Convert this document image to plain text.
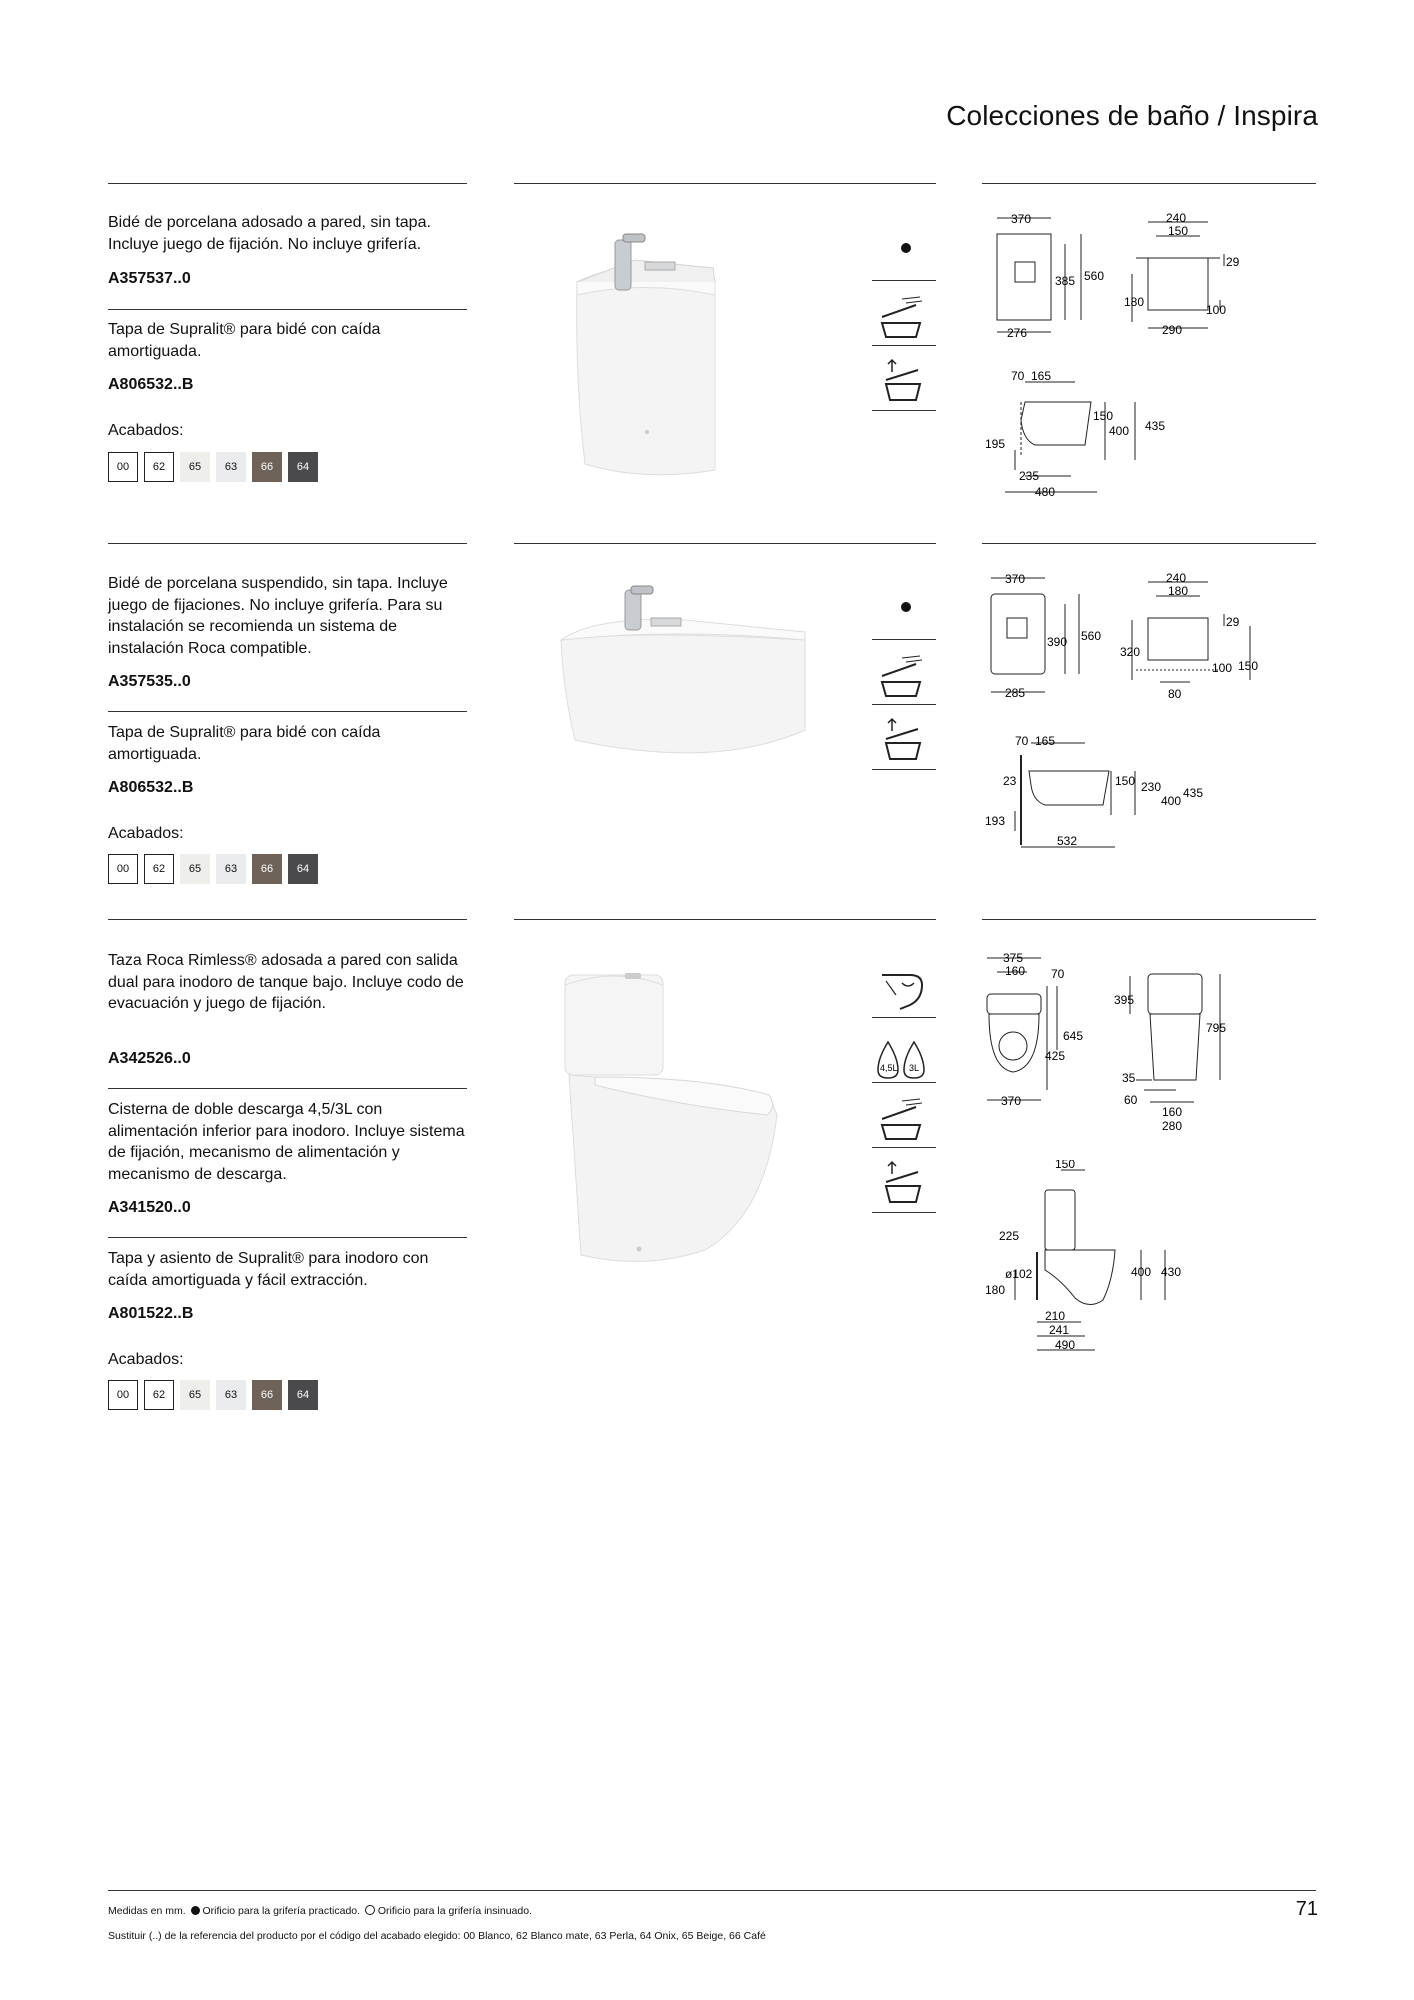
Colecciones de baño / Inspira
Bidé de porcelana adosado a pared, sin tapa. Incluye juego de fijación. No incluye grifería.
A357537..0
Tapa de Supralit® para bidé con caída amortiguada.
A806532..B
Acabados:
00 62 65 63 66 64
370
385 560
276
240
150
29
180
100
290
70 165
150
400 435
195
235
480
Bidé de porcelana suspendido, sin tapa. Incluye juego de fijaciones. No incluye grifería. Para su instalación se recomienda un sistema de instalación Roca compatible.
A357535..0
Tapa de Supralit® para bidé con caída amortiguada.
A806532..B
Acabados:
00 62 65 63 66 64
370
390 560
285
240
180
29
320
100 150
80
70 165
23	150 230
400
435
193
532
Taza Roca Rimless® adosada a pared con salida dual para inodoro de tanque bajo. Incluye codo de evacuación y juego de fijación.
A342526..0
Cisterna de doble descarga 4,5/3L con alimentación inferior para inodoro. Incluye sistema de fijación, mecanismo de alimentación y mecanismo de descarga.
A341520..0
Tapa y asiento de Supralit® para inodoro con caída amortiguada y fácil extracción.
A801522..B
Acabados:
00 62 65 63 66 64
4,5L 3L
375
160 70
645
425
370
395
795
35
60
160
280
150
225
ø102	400 430
180
210
241
490
Medidas en mm. Orificio para la grifería practicado. Orificio para la grifería insinuado.
Sustituir (..) de la referencia del producto por el código del acabado elegido: 00 Blanco, 62 Blanco mate, 63 Perla, 64 Onix, 65 Beige, 66 Café
71
